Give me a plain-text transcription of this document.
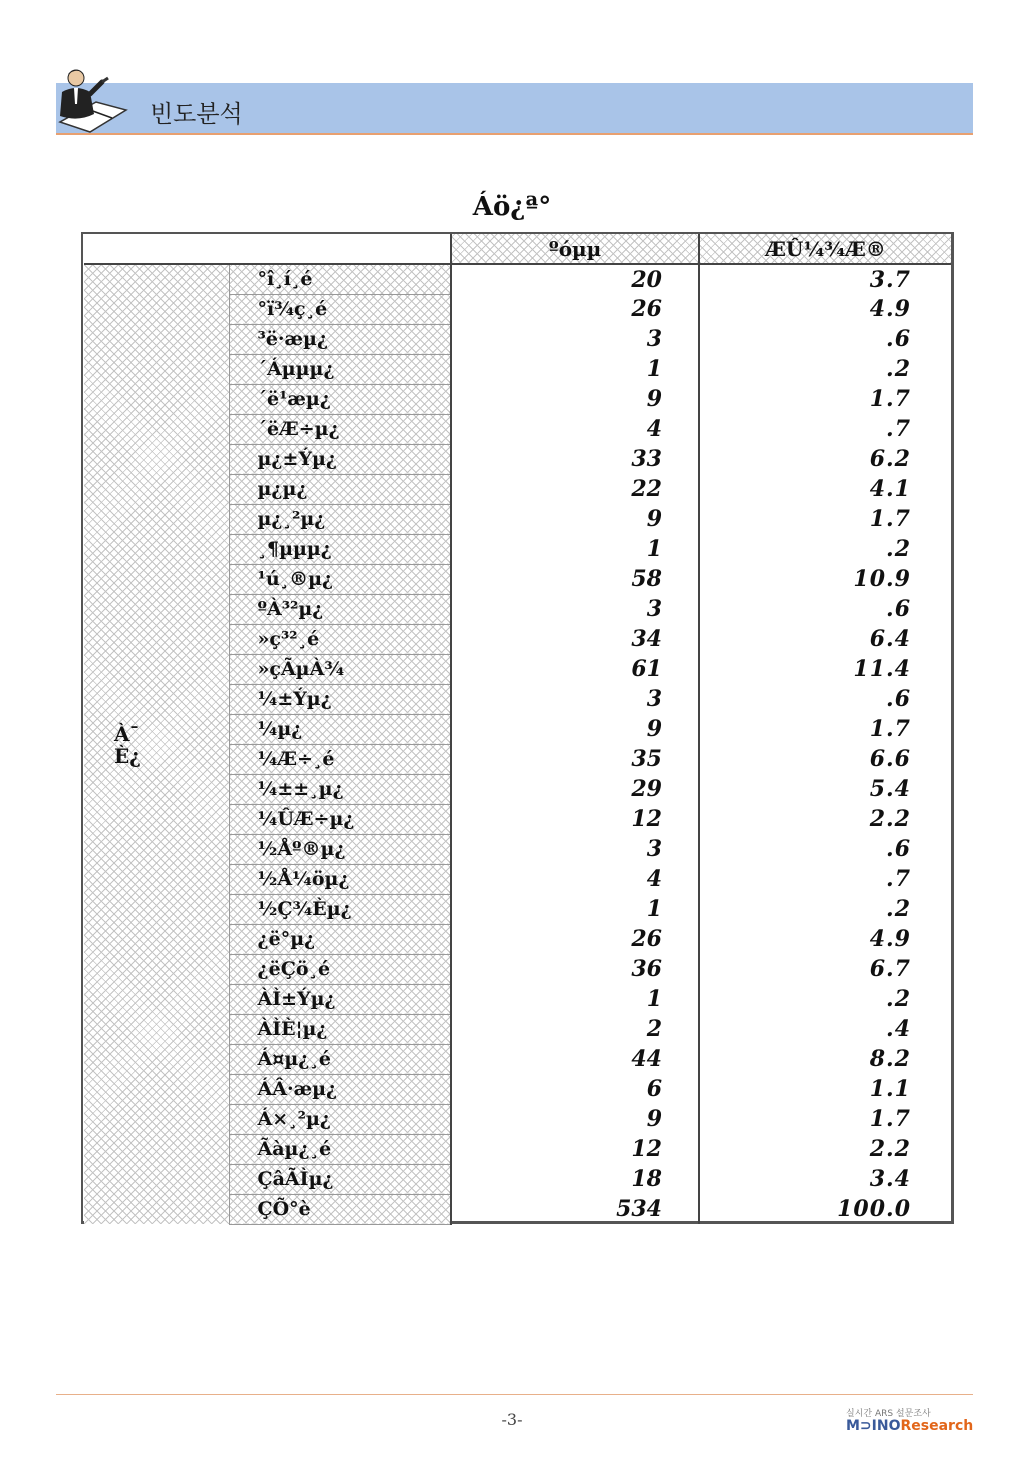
빈도분석
Áö¿ª°
		ºóµµ	ÆÛ¼¾Æ®

À¯
È¿	°î¸í¸é	20	3.7
	°ï¾ç¸é	26	4.9
	³ë·æµ¿	3	.6
	´Áµµµ¿	1	.2
	´ë¹æµ¿	9	1.7
	´ëÆ÷µ¿	4	.7
	µ¿±Ýµ¿	33	6.2
	µ¿µ¿	22	4.1
	µ¿¸²µ¿	9	1.7
	¸¶µµµ¿	1	.2
	¹ú¸®µ¿	58	10.9
	ºÀ³²µ¿	3	.6
	»ç³²¸é	34	6.4
	»çÃµÀ¾	61	11.4
	¼±Ýµ¿	3	.6
	¼µ¿	9	1.7
	¼Æ÷¸é	35	6.6
	¼±±¸µ¿	29	5.4
	¼ÛÆ÷µ¿	12	2.2
	½Åº®µ¿	3	.6
	½Å¼öµ¿	4	.7
	½Ç¾Èµ¿	1	.2
	¿ë°µ¿	26	4.9
	¿ëÇö¸é	36	6.7
	ÀÌ±Ýµ¿	1	.2
	ÀÌÈ¦µ¿	2	.4
	Á¤µ¿¸é	44	8.2
	ÁÂ·æµ¿	6	1.1
	Á×¸²µ¿	9	1.7
	Ãàµ¿¸é	12	2.2
	ÇâÃÌµ¿	18	3.4
	ÇÕ°è	534	100.0
-3-	실시간 ARS 설문조사
M⊃INOResearch
